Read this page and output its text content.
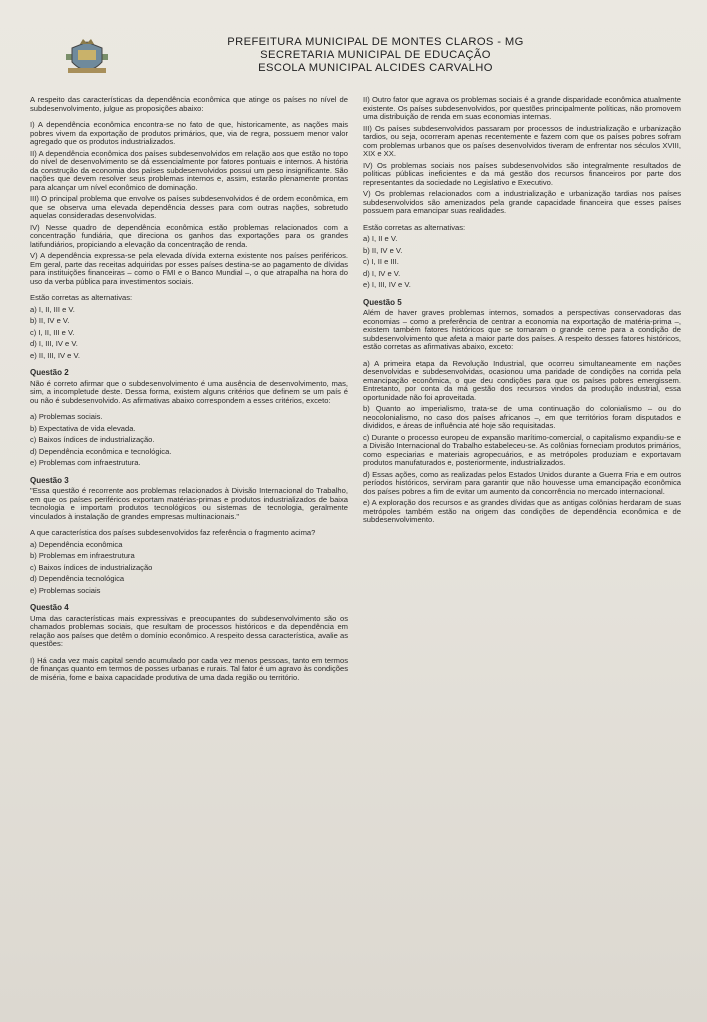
PREFEITURA MUNICIPAL DE MONTES CLAROS - MG
SECRETARIA MUNICIPAL DE EDUCAÇÃO
ESCOLA MUNICIPAL ALCIDES CARVALHO

A respeito das características da dependência econômica que atinge os países no nível de subdesenvolvimento, julgue as proposições abaixo:

I) A dependência econômica encontra-se no fato de que, historicamente, as nações mais pobres vivem da exportação de produtos primários, que, via de regra, possuem menor valor agregado que os produtos industrializados.

II) A dependência econômica dos países subdesenvolvidos em relação aos que estão no topo do nível de desenvolvimento se dá essencialmente por fatores pontuais e internos. A história da construção da economia dos países subdesenvolvidos possui um peso insignificante. São nações que devem resolver seus problemas internos e, assim, estarão plenamente prontas para alcançar um nível econômico de dominação.

III) O principal problema que envolve os países subdesenvolvidos é de ordem econômica, em que se observa uma elevada dependência desses para com outras nações, sobretudo aquelas consideradas desenvolvidas.

IV) Nesse quadro de dependência econômica estão problemas relacionados com a concentração fundiária, que direciona os ganhos das exportações para os grandes latifundiários, propiciando a elevação da concentração de renda.

V) A dependência expressa-se pela elevada dívida externa existente nos países periféricos. Em geral, parte das receitas adquiridas por esses países destina-se ao pagamento de dívidas para instituições financeiras – como o FMI e o Banco Mundial –, o que atrapalha na hora do uso da verba pública para investimentos sociais.

Estão corretas as alternativas:

a) I, II, III e V.

b) II, IV e V.

c) I, II, III e V.

d) I, III, IV e V.

e) II, III, IV e V.

Questão 2

Não é correto afirmar que o subdesenvolvimento é uma ausência de desenvolvimento, mas, sim, a incompletude deste. Dessa forma, existem alguns critérios que definem se um país é ou não é subdesenvolvido. As afirmativas abaixo correspondem a esses critérios, exceto:

a) Problemas sociais.

b) Expectativa de vida elevada.

c) Baixos índices de industrialização.

d) Dependência econômica e tecnológica.

e) Problemas com infraestrutura.

Questão 3

"Essa questão é recorrente aos problemas relacionados à Divisão Internacional do Trabalho, em que os países periféricos exportam matérias-primas e produtos industrializados de baixa tecnologia e importam produtos tecnológicos ou sistemas de tecnologia, geralmente vinculados à instalação de grandes empresas multinacionais."

A que característica dos países subdesenvolvidos faz referência o fragmento acima?

a) Dependência econômica

b) Problemas em infraestrutura

c) Baixos índices de industrialização

d) Dependência tecnológica

e) Problemas sociais

Questão 4

Uma das características mais expressivas e preocupantes do subdesenvolvimento são os chamados problemas sociais, que resultam de processos históricos e da dependência em relação aos países que detêm o domínio econômico. A respeito dessa característica, avalie as questões:

I) Há cada vez mais capital sendo acumulado por cada vez menos pessoas, tanto em termos de finanças quanto em termos de posses urbanas e rurais. Tal fator é um agravo às condições de miséria, fome e baixa capacidade produtiva de uma dada região ou território.

II) Outro fator que agrava os problemas sociais é a grande disparidade econômica atualmente existente. Os países subdesenvolvidos, por questões principalmente políticas, não promovem uma distribuição de renda em suas economias internas.

III) Os países subdesenvolvidos passaram por processos de industrialização e urbanização tardios, ou seja, ocorreram apenas recentemente e fazem com que os países pobres sofram com problemas urbanos que os países desenvolvidos tiveram de enfrentar nos séculos XVIII, XIX e XX.

IV) Os problemas sociais nos países subdesenvolvidos são integralmente resultados de políticas públicas ineficientes e da má gestão dos recursos financeiros por parte dos representantes da sociedade no Legislativo e Executivo.

V) Os problemas relacionados com a industrialização e urbanização tardias nos países subdesenvolvidos são amenizados pela grande capacidade financeira que esses países possuem para emancipar suas realidades.

Estão corretas as alternativas:

a) I, II e V.

b) II, IV e V.

c) I, II e III.

d) I, IV e V.

e) I, III, IV e V.

Questão 5

Além de haver graves problemas internos, somados a perspectivas conservadoras das economias – como a preferência de centrar a economia na exportação de matéria-prima –, existem também fatores históricos que se tornaram o grande cerne para a condição de subdesenvolvimento que afeta a maior parte dos países. A respeito desses fatores históricos, estão corretas as afirmativas abaixo, exceto:

a) A primeira etapa da Revolução Industrial, que ocorreu simultaneamente em nações desenvolvidas e subdesenvolvidas, ocasionou uma paridade de condições na corrida pela emancipação econômica, o que deu condições para que os países pobres emergissem. Entretanto, por conta da má gestão dos recursos vindos da produção industrial, essa oportunidade não foi aproveitada.

b) Quanto ao imperialismo, trata-se de uma continuação do colonialismo – ou do neocolonialismo, no caso dos países africanos –, em que territórios foram disputados e divididos, e áreas de influência até hoje são requisitadas.

c) Durante o processo europeu de expansão marítimo-comercial, o capitalismo expandiu-se e a Divisão Internacional do Trabalho estabeleceu-se. As colônias forneciam produtos primários, como especiarias e materiais agropecuários, e as metrópoles produziam e exportavam produtos manufaturados e, posteriormente, industrializados.

d) Essas ações, como as realizadas pelos Estados Unidos durante a Guerra Fria e em outros períodos históricos, serviram para garantir que não houvesse uma emancipação econômica dos países pobres a fim de evitar um aumento da concorrência no mercado internacional.

e) A exploração dos recursos e as grandes dívidas que as antigas colônias herdaram de suas metrópoles também estão na origem das condições de dependência econômica e de subdesenvolvimento.
